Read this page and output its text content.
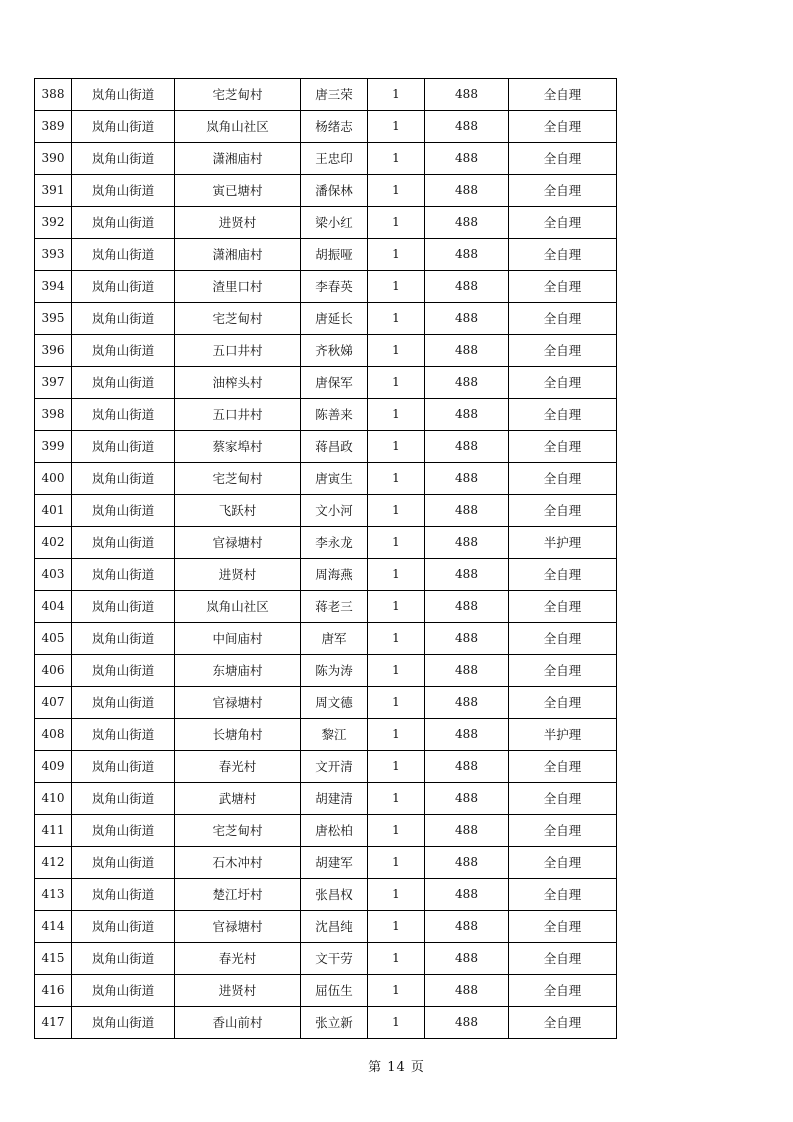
388	岚角山街道	宅芝甸村	唐三荣	1	488	全自理
389	岚角山街道	岚角山社区	杨绪志	1	488	全自理
390	岚角山街道	潇湘庙村	王忠印	1	488	全自理
391	岚角山街道	寅已塘村	潘保林	1	488	全自理
392	岚角山街道	进贤村	梁小红	1	488	全自理
393	岚角山街道	潇湘庙村	胡振哑	1	488	全自理
394	岚角山街道	渣里口村	李春英	1	488	全自理
395	岚角山街道	宅芝甸村	唐延长	1	488	全自理
396	岚角山街道	五口井村	齐秋娣	1	488	全自理
397	岚角山街道	油榨头村	唐保军	1	488	全自理
398	岚角山街道	五口井村	陈善来	1	488	全自理
399	岚角山街道	蔡家埠村	蒋昌政	1	488	全自理
400	岚角山街道	宅芝甸村	唐寅生	1	488	全自理
401	岚角山街道	飞跃村	文小河	1	488	全自理
402	岚角山街道	官禄塘村	李永龙	1	488	半护理
403	岚角山街道	进贤村	周海燕	1	488	全自理
404	岚角山街道	岚角山社区	蒋老三	1	488	全自理
405	岚角山街道	中间庙村	唐军	1	488	全自理
406	岚角山街道	东塘庙村	陈为涛	1	488	全自理
407	岚角山街道	官禄塘村	周文德	1	488	全自理
408	岚角山街道	长塘角村	黎江	1	488	半护理
409	岚角山街道	春光村	文开清	1	488	全自理
410	岚角山街道	武塘村	胡建清	1	488	全自理
411	岚角山街道	宅芝甸村	唐松柏	1	488	全自理
412	岚角山街道	石木冲村	胡建军	1	488	全自理
413	岚角山街道	楚江圩村	张昌权	1	488	全自理
414	岚角山街道	官禄塘村	沈昌纯	1	488	全自理
415	岚角山街道	春光村	文干劳	1	488	全自理
416	岚角山街道	进贤村	屈伍生	1	488	全自理
417	岚角山街道	香山前村	张立新	1	488	全自理
第 14 页
